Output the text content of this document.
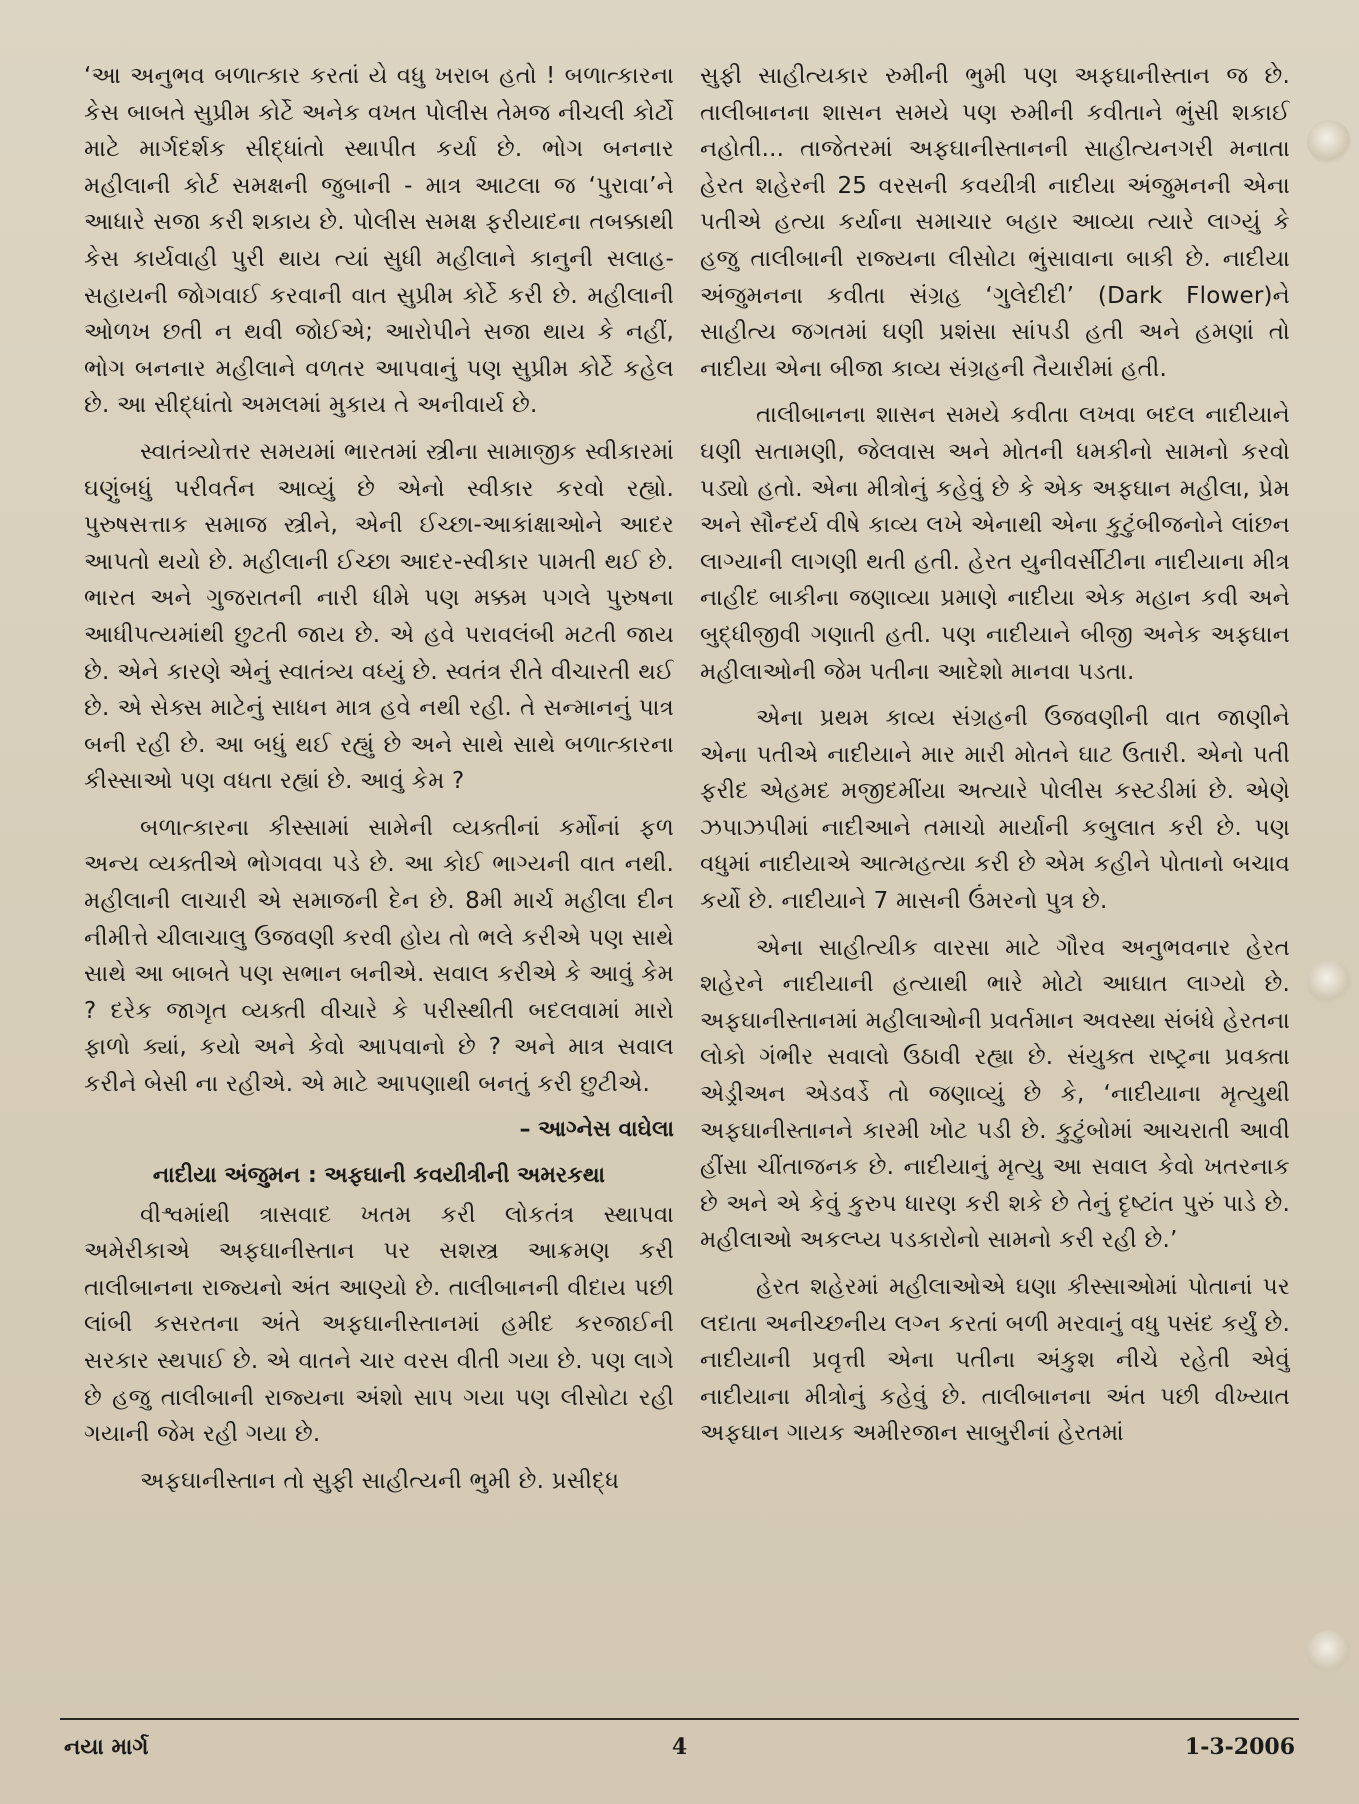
‘આ અનુભવ બળાત્કાર કરતાં યે વધુ ખરાબ હતો ! બળાત્કારના કેસ બાબતે સુપ્રીમ કોર્ટે અનેક વખત પોલીસ તેમજ નીચલી કોર્ટો માટે માર્ગદર્શક સીદ્ધાંતો સ્થાપીત કર્યા છે. ભોગ બનનાર મહીલાની કોર્ટ સમક્ષની જુબાની - માત્ર આટલા જ ‘પુરાવા’ને આધારે સજા કરી શકાય છે. પોલીસ સમક્ષ ફરીયાદના તબક્કાથી કેસ કાર્યવાહી પુરી થાય ત્યાં સુધી મહીલાને કાનુની સલાહ-સહાયની જોગવાઈ કરવાની વાત સુપ્રીમ કોર્ટે કરી છે. મહીલાની ઓળખ છતી ન થવી જોઈએ; આરોપીને સજા થાય કે નહીં, ભોગ બનનાર મહીલાને વળતર આપવાનું પણ સુપ્રીમ કોર્ટે કહેલ છે. આ સીદ્ધાંતો અમલમાં મુકાય તે અનીવાર્ય છે.

સ્વાતંત્ર્યોત્તર સમયમાં ભારતમાં સ્ત્રીના સામાજીક સ્વીકારમાં ઘણુંબધું પરીવર્તન આવ્યું છે એનો સ્વીકાર કરવો રહ્યો. પુરુષસત્તાક સમાજ સ્ત્રીને, એની ઈચ્છા-આકાંક્ષાઓને આદર આપતો થયો છે. મહીલાની ઈચ્છા આદર-સ્વીકાર પામતી થઈ છે. ભારત અને ગુજરાતની નારી ધીમે પણ મક્કમ પગલે પુરુષના આધીપત્યમાંથી છુટતી જાય છે. એ હવે પરાવલંબી મટતી જાય છે. એને કારણે એનું સ્વાતંત્ર્ય વધ્યું છે. સ્વતંત્ર રીતે વીચારતી થઈ છે. એ સેક્સ માટેનું સાધન માત્ર હવે નથી રહી. તે સન્માનનું પાત્ર બની રહી છે. આ બધું થઈ રહ્યું છે અને સાથે સાથે બળાત્કારના કીસ્સાઓ પણ વધતા રહ્યાં છે. આવું કેમ ?

બળાત્કારના કીસ્સામાં સામેની વ્યક્તીનાં કર્મોનાં ફળ અન્ય વ્યક્તીએ ભોગવવા પડે છે. આ કોઈ ભાગ્યની વાત નથી. મહીલાની લાચારી એ સમાજની દેન છે. 8મી માર્ચ મહીલા દીન નીમીત્તે ચીલાચાલુ ઉજવણી કરવી હોય તો ભલે કરીએ પણ સાથે સાથે આ બાબતે પણ સભાન બનીએ. સવાલ કરીએ કે આવું કેમ ? દરેક જાગૃત વ્યક્તી વીચારે કે પરીસ્થીતી બદલવામાં મારો ફાળો ક્યાં, કયો અને કેવો આપવાનો છે ? અને માત્ર સવાલ કરીને બેસી ના રહીએ. એ માટે આપણાથી બનતું કરી છુટીએ.

– આગ્નેસ વાઘેલા
નાદીયા અંજુમન : અફઘાની કવયીત્રીની અમરકથા

વીશ્વમાંથી ત્રાસવાદ ખતમ કરી લોકતંત્ર સ્થાપવા અમેરીકાએ અફઘાનીસ્તાન પર સશસ્ત્ર આક્રમણ કરી તાલીબાનના રાજ્યનો અંત આણ્યો છે. તાલીબાનની વીદાય પછી લાંબી કસરતના અંતે અફઘાનીસ્તાનમાં હમીદ કરજાઈની સરકાર સ્થપાઈ છે. એ વાતને ચાર વરસ વીતી ગયા છે. પણ લાગે છે હજુ તાલીબાની રાજ્યના અંશો સાપ ગયા પણ લીસોટા રહી ગયાની જેમ રહી ગયા છે.

અફઘાનીસ્તાન તો સુફી સાહીત્યની ભુમી છે. પ્રસીદ્ધ

સુફી સાહીત્યકાર રુમીની ભુમી પણ અફઘાનીસ્તાન જ છે. તાલીબાનના શાસન સમયે પણ રુમીની કવીતાને ભુંસી શકાઈ નહોતી... તાજેતરમાં અફઘાનીસ્તાનની સાહીત્યનગરી મનાતા હેરત શહેરની 25 વરસની કવયીત્રી નાદીયા અંજુમનની એના પતીએ હત્યા કર્યાના સમાચાર બહાર આવ્યા ત્યારે લાગ્યું કે હજુ તાલીબાની રાજ્યના લીસોટા ભુંસાવાના બાકી છે. નાદીયા અંજુમનના કવીતા સંગ્રહ ‘ગુલેદીદી’ (Dark Flower)ને સાહીત્ય જગતમાં ઘણી પ્રશંસા સાંપડી હતી અને હમણાં તો નાદીયા એના બીજા કાવ્ય સંગ્રહની તૈયારીમાં હતી.

તાલીબાનના શાસન સમયે કવીતા લખવા બદલ નાદીયાને ઘણી સતામણી, જેલવાસ અને મોતની ધમકીનો સામનો કરવો પડ્યો હતો. એના મીત્રોનું કહેવું છે કે એક અફઘાન મહીલા, પ્રેમ અને સૌન્દર્ય વીષે કાવ્ય લખે એનાથી એના કુટુંબીજનોને લાંછન લાગ્યાની લાગણી થતી હતી. હેરત યુનીવર્સીટીના નાદીયાના મીત્ર નાહીદ બાકીના જણાવ્યા પ્રમાણે નાદીયા એક મહાન કવી અને બુદ્ધીજીવી ગણાતી હતી. પણ નાદીયાને બીજી અનેક અફઘાન મહીલાઓની જેમ પતીના આદેશો માનવા પડતા.

એના પ્રથમ કાવ્ય સંગ્રહની ઉજવણીની વાત જાણીને એના પતીએ નાદીયાને માર મારી મોતને ઘાટ ઉતારી. એનો પતી ફરીદ એહમદ મજીદમીંયા અત્યારે પોલીસ કસ્ટડીમાં છે. એણે ઝપાઝપીમાં નાદીઆને તમાચો માર્યાની કબુલાત કરી છે. પણ વધુમાં નાદીયાએ આત્મહત્યા કરી છે એમ કહીને પોતાનો બચાવ કર્યો છે. નાદીયાને 7 માસની ઉંમરનો પુત્ર છે.

એના સાહીત્યીક વારસા માટે ગૌરવ અનુભવનાર હેરત શહેરને નાદીયાની હત્યાથી ભારે મોટો આઘાત લાગ્યો છે. અફઘાનીસ્તાનમાં મહીલાઓની પ્રવર્તમાન અવસ્થા સંબંધે હેરતના લોકો ગંભીર સવાલો ઉઠાવી રહ્યા છે. સંયુક્ત રાષ્ટ્રના પ્રવક્તા એડ્રીઅન એડવર્ડે તો જણાવ્યું છે કે, ‘નાદીયાના મૃત્યુથી અફઘાનીસ્તાનને કારમી ખોટ પડી છે. કુટુંબોમાં આચરાતી આવી હીંસા ચીંતાજનક છે. નાદીયાનું મૃત્યુ આ સવાલ કેવો ખતરનાક છે અને એ કેવું કુરુપ ધારણ કરી શકે છે તેનું દૃષ્ટાંત પુરું પાડે છે. મહીલાઓ અકલ્પ્ય પડકારોનો સામનો કરી રહી છે.’

હેરત શહેરમાં મહીલાઓએ ઘણા કીસ્સાઓમાં પોતાનાં પર લદાતા અનીચ્છનીય લગ્ન કરતાં બળી મરવાનું વધુ પસંદ કર્યું છે. નાદીયાની પ્રવૃત્તી એના પતીના અંકુશ નીચે રહેતી એવું નાદીયાના મીત્રોનું કહેવું છે. તાલીબાનના અંત પછી વીખ્યાત અફઘાન ગાયક અમીરજાન સાબુરીનાં હેરતમાં

નયા માર્ગ	4	1-3-2006
